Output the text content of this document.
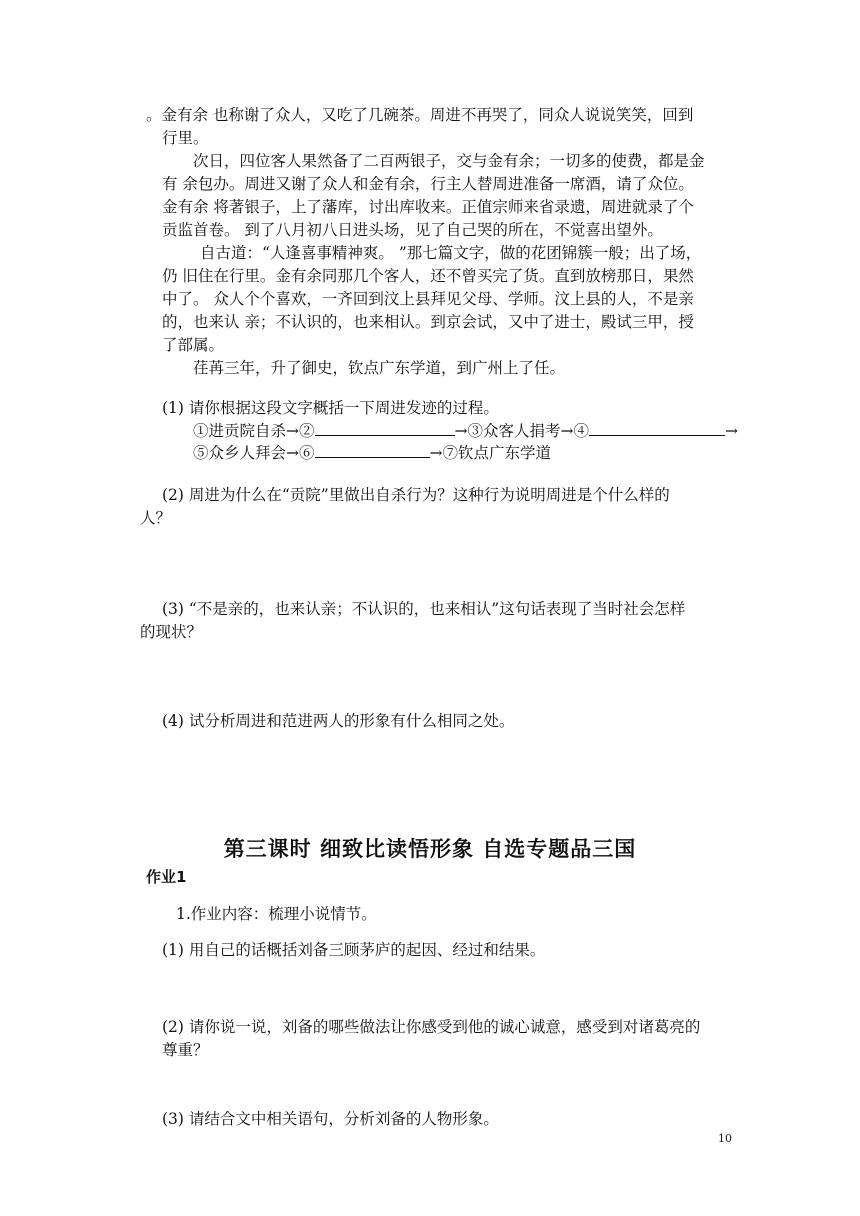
。金有余 也称谢了众人，又吃了几碗茶。周进不再哭了，同众人说说笑笑，回到
行里。
次日，四位客人果然备了二百两银子，交与金有余；一切多的使费，都是金
有 余包办。周进又谢了众人和金有余，行主人替周进准备一席酒，请了众位。
金有余 将著银子，上了藩库，讨出库收来。正值宗师来省录遗，周进就录了个
贡监首卷。 到了八月初八日进头场，见了自己哭的所在，不觉喜出望外。
自古道：“人逢喜事精神爽。 ”那七篇文字，做的花团锦簇一般；出了场，
仍 旧住在行里。金有余同那几个客人，还不曾买完了货。直到放榜那日，果然
中了。 众人个个喜欢，一齐回到汶上县拜见父母、学师。汶上县的人，不是亲
的，也来认 亲；不认识的，也来相认。到京会试，又中了进士，殿试三甲，授
了部属。
荏苒三年，升了御史，钦点广东学道，到广州上了任。
(1) 请你根据这段文字概括一下周进发迹的过程。
①进贡院自杀→②	→③众客人捐考→④	→
⑤众乡人拜会→⑥	→⑦钦点广东学道
(2) 周进为什么在“贡院”里做出自杀行为？这种行为说明周进是个什么样的
人？
(3) “不是亲的，也来认亲；不认识的，也来相认”这句话表现了当时社会怎样
的现状？
(4) 试分析周进和范进两人的形象有什么相同之处。
第三课时 细致比读悟形象 自选专题品三国
作业1
1.作业内容：梳理小说情节。
(1) 用自己的话概括刘备三顾茅庐的起因、经过和结果。
(2) 请你说一说，刘备的哪些做法让你感受到他的诚心诚意，感受到对诸葛亮的
尊重？
(3) 请结合文中相关语句，分析刘备的人物形象。
10
